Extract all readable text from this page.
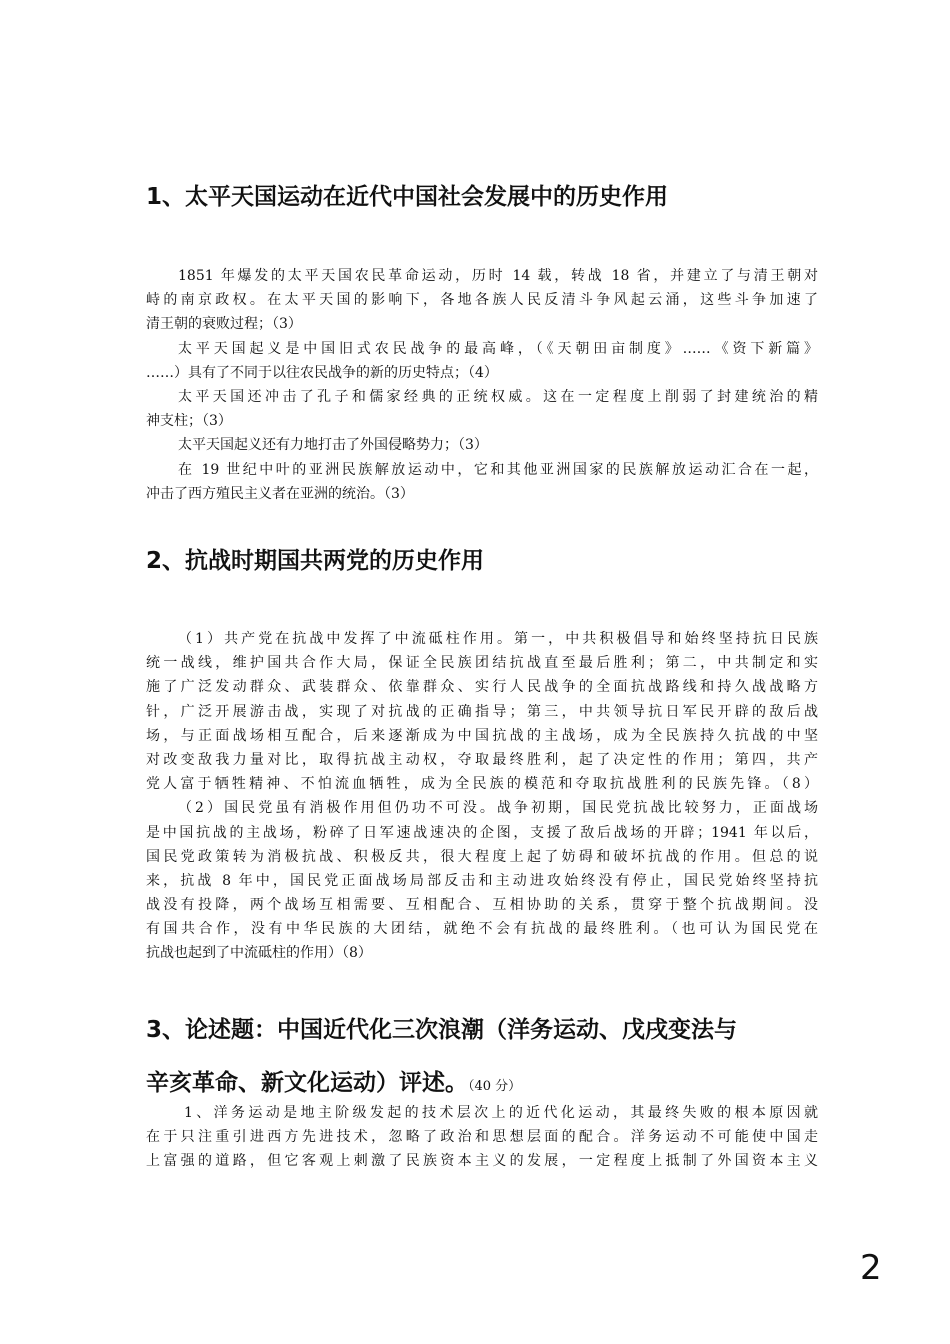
1、太平天国运动在近代中国社会发展中的历史作用
1851 年爆发的太平天国农民革命运动，历时 14 载，转战 18 省，并建立了与清王朝对
峙的南京政权。在太平天国的影响下，各地各族人民反清斗争风起云涌，这些斗争加速了
清王朝的衰败过程；（3）
太平天国起义是中国旧式农民战争的最高峰，（《天朝田亩制度》……《资下新篇》
……）具有了不同于以往农民战争的新的历史特点；（4）
太平天国还冲击了孔子和儒家经典的正统权威。这在一定程度上削弱了封建统治的精
神支柱；（3）
太平天国起义还有力地打击了外国侵略势力；（3）
在 19 世纪中叶的亚洲民族解放运动中，它和其他亚洲国家的民族解放运动汇合在一起，
冲击了西方殖民主义者在亚洲的统治。（3）
2、抗战时期国共两党的历史作用
（1）共产党在抗战中发挥了中流砥柱作用。第一，中共积极倡导和始终坚持抗日民族
统一战线，维护国共合作大局，保证全民族团结抗战直至最后胜利；第二，中共制定和实
施了广泛发动群众、武装群众、依靠群众、实行人民战争的全面抗战路线和持久战战略方
针，广泛开展游击战，实现了对抗战的正确指导；第三，中共领导抗日军民开辟的敌后战
场，与正面战场相互配合，后来逐渐成为中国抗战的主战场，成为全民族持久抗战的中坚
对改变敌我力量对比，取得抗战主动权，夺取最终胜利，起了决定性的作用；第四，共产
党人富于牺牲精神、不怕流血牺牲，成为全民族的模范和夺取抗战胜利的民族先锋。（8）
（2）国民党虽有消极作用但仍功不可没。战争初期，国民党抗战比较努力，正面战场
是中国抗战的主战场，粉碎了日军速战速决的企图，支援了敌后战场的开辟；1941 年以后，
国民党政策转为消极抗战、积极反共，很大程度上起了妨碍和破坏抗战的作用。但总的说
来，抗战 8 年中，国民党正面战场局部反击和主动进攻始终没有停止，国民党始终坚持抗
战没有投降，两个战场互相需要、互相配合、互相协助的关系，贯穿于整个抗战期间。没
有国共合作，没有中华民族的大团结，就绝不会有抗战的最终胜利。（也可认为国民党在
抗战也起到了中流砥柱的作用）（8）
3、论述题：中国近代化三次浪潮（洋务运动、戊戌变法与
辛亥革命、新文化运动）评述。（40 分）
1、洋务运动是地主阶级发起的技术层次上的近代化运动，其最终失败的根本原因就
在于只注重引进西方先进技术，忽略了政治和思想层面的配合。洋务运动不可能使中国走
上富强的道路，但它客观上刺激了民族资本主义的发展，一定程度上抵制了外国资本主义
2
